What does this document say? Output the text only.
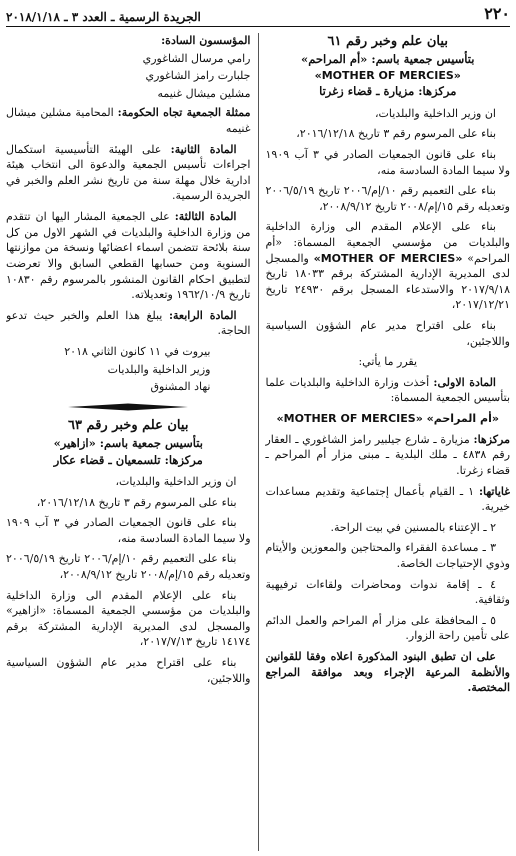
٢٢٠
الجريدة الرسمية ـ العدد ٣ ـ ٢٠١٨/١/١٨

بيان علم وخبر رقم ٦١

بتأسيس جمعية باسم: «أم المراحم»

«MOTHER OF MERCIES»

مركزها: مزيارة ـ قضاء زغرتا

ان وزير الداخلية والبلديات،

بناء على المرسوم رقم ٣ تاريخ ٢٠١٦/١٢/١٨،

بناء على قانون الجمعيات الصادر في ٣ آب ١٩٠٩ ولا سيما المادة السادسة منه،

بناء على التعميم رقم ١٠/إم/٢٠٠٦ تاريخ ٢٠٠٦/٥/١٩ وتعديله رقم ١٥/إم/٢٠٠٨ تاريخ ٢٠٠٨/٩/١٢،

بناء على الإعلام المقدم الى وزارة الداخلية والبلديات من مؤسسي الجمعية المسماة: «أم المراحم» «MOTHER OF MERCIES» والمسجل لدى المديرية الإدارية المشتركة برقم ١٨٠٣٣ تاريخ ٢٠١٧/٩/١٨ والاستدعاء المسجل برقم ٢٤٩٣٠ تاريخ ٢٠١٧/١٢/٢١،

بناء على اقتراح مدير عام الشؤون السياسية واللاجئين،

يقرر ما يأتي:

المادة الاولى: أخذت وزارة الداخلية والبلديات علما بتأسيس الجمعية المسماة:

«أم المراحم» «MOTHER OF MERCIES»

مركزها: مزيارة ـ شارع جيلبير رامز الشاغوري ـ العقار رقم ٤٨٣٨ ـ ملك البلدية ـ مبنى مزار أم المراحم ـ قضاء زغرتا.

غاياتها: ١ ـ القيام بأعمال إجتماعية وتقديم مساعدات خيرية.

٢ ـ الإعتناء بالمسنين في بيت الراحة.

٣ ـ مساعدة الفقراء والمحتاجين والمعوزين والأيتام وذوي الإحتياجات الخاصة.

٤ ـ إقامة ندوات ومحاضرات ولقاءات ترفيهية وثقافية.

٥ ـ المحافظة على مزار أم المراحم والعمل الدائم على تأمين راحة الزوار.

على ان تطبق البنود المذكورة اعلاه وفقا للقوانين والأنظمة المرعية الإجراء وبعد موافقة المراجع المختصة.

المؤسسون السادة:

رامي مرسال الشاغوري

جلبارت رامز الشاغوري

مشلين ميشال غنيمه

ممثلة الجمعية تجاه الحكومة: المحامية مشلين ميشال غنيمه

المادة الثانية: على الهيئة التأسيسية استكمال اجراءات تأسيس الجمعية والدعوة الى انتخاب هيئة ادارية خلال مهلة سنة من تاريخ نشر العلم والخبر في الجريدة الرسمية.

المادة الثالثة: على الجمعية المشار اليها ان تتقدم من وزارة الداخلية والبلديات في الشهر الاول من كل سنة بلائحة تتضمن اسماء اعضائها ونسخة من موازنتها السنوية ومن حسابها القطعي السابق والا تعرضت لتطبيق احكام القانون المنشور بالمرسوم رقم ١٠٨٣٠ تاريخ ١٩٦٢/١٠/٩ وتعديلاته.

المادة الرابعة: يبلغ هذا العلم والخبر حيث تدعو الحاجة.

بيروت في ١١ كانون الثاني ٢٠١٨

وزير الداخلية والبلديات

نهاد المشنوق

بيان علم وخبر رقم ٦٣

بتأسيس جمعية باسم: «ازاهير»

مركزها: تلسمعيان ـ قضاء عكار

ان وزير الداخلية والبلديات،

بناء على المرسوم رقم ٣ تاريخ ٢٠١٦/١٢/١٨،

بناء على قانون الجمعيات الصادر في ٣ آب ١٩٠٩ ولا سيما المادة السادسة منه،

بناء على التعميم رقم ١٠/إم/٢٠٠٦ تاريخ ٢٠٠٦/٥/١٩ وتعديله رقم ١٥/إم/٢٠٠٨ تاريخ ٢٠٠٨/٩/١٢،

بناء على الإعلام المقدم الى وزارة الداخلية والبلديات من مؤسسي الجمعية المسماة: «ازاهير» والمسجل لدى المديرية الإدارية المشتركة برقم ١٤١٧٤ تاريخ ٢٠١٧/٧/١٣،

بناء على اقتراح مدير عام الشؤون السياسية واللاجئين،
